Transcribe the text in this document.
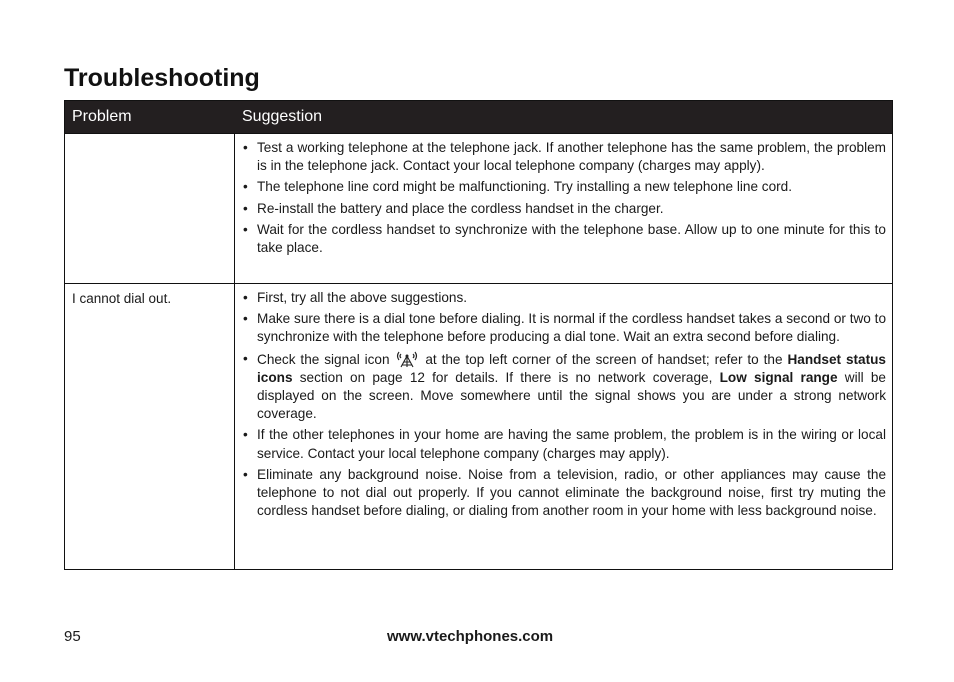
Troubleshooting
Problem	Suggestion
• Test a working telephone at the telephone jack. If another telephone has the same problem, the problem is in the telephone jack. Contact your local telephone company (charges may apply).
• The telephone line cord might be malfunctioning. Try installing a new telephone line cord.
• Re-install the battery and place the cordless handset in the charger.
• Wait for the cordless handset to synchronize with the telephone base. Allow up to one minute for this to take place.
I cannot dial out.
•	First, try all the above suggestions.
• Make sure there is a dial tone before dialing. It is normal if the cordless handset takes a second or two to synchronize with the telephone before producing a dial tone. Wait an extra second before dialing.
• Check the signal icon	at the top left corner of the screen of handset; refer to the Handset status icons section on page 12 for details. If there is no network coverage, Low signal range will be displayed on the screen. Move somewhere until the signal shows you are under a strong network coverage.
• If the other telephones in your home are having the same problem, the problem is in the wiring or local service. Contact your local telephone company (charges may apply).
• Eliminate any background noise. Noise from a television, radio, or other appliances may cause the telephone to not dial out properly. If you cannot eliminate the background noise, first try muting the cordless handset before dialing, or dialing from another room in your home with less background noise.
95	www.vtechphones.com
